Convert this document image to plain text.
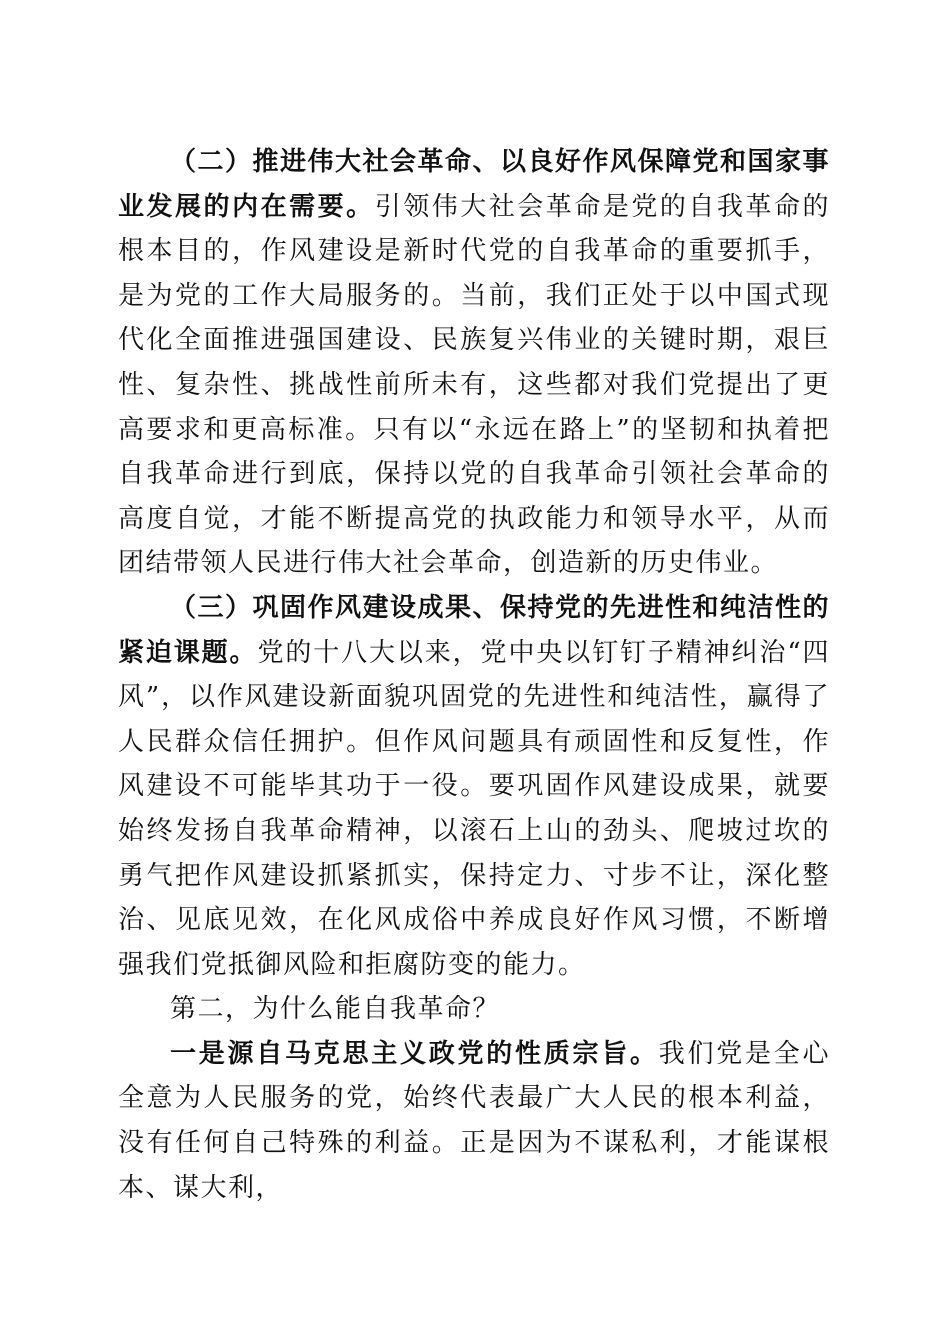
（二）推进伟大社会革命、以良好作风保障党和国家事业发展的内在需要。引领伟大社会革命是党的自我革命的根本目的，作风建设是新时代党的自我革命的重要抓手，是为党的工作大局服务的。当前，我们正处于以中国式现代化全面推进强国建设、民族复兴伟业的关键时期，艰巨性、复杂性、挑战性前所未有，这些都对我们党提出了更高要求和更高标准。只有以“永远在路上”的坚韧和执着把自我革命进行到底，保持以党的自我革命引领社会革命的高度自觉，才能不断提高党的执政能力和领导水平，从而团结带领人民进行伟大社会革命，创造新的历史伟业。

（三）巩固作风建设成果、保持党的先进性和纯洁性的紧迫课题。党的十八大以来，党中央以钉钉子精神纠治“四风”，以作风建设新面貌巩固党的先进性和纯洁性，赢得了人民群众信任拥护。但作风问题具有顽固性和反复性，作风建设不可能毕其功于一役。要巩固作风建设成果，就要始终发扬自我革命精神，以滚石上山的劲头、爬坡过坎的勇气把作风建设抓紧抓实，保持定力、寸步不让，深化整治、见底见效，在化风成俗中养成良好作风习惯，不断增强我们党抵御风险和拒腐防变的能力。

第二，为什么能自我革命？

一是源自马克思主义政党的性质宗旨。我们党是全心全意为人民服务的党，始终代表最广大人民的根本利益，没有任何自己特殊的利益。正是因为不谋私利，才能谋根本、谋大利，
